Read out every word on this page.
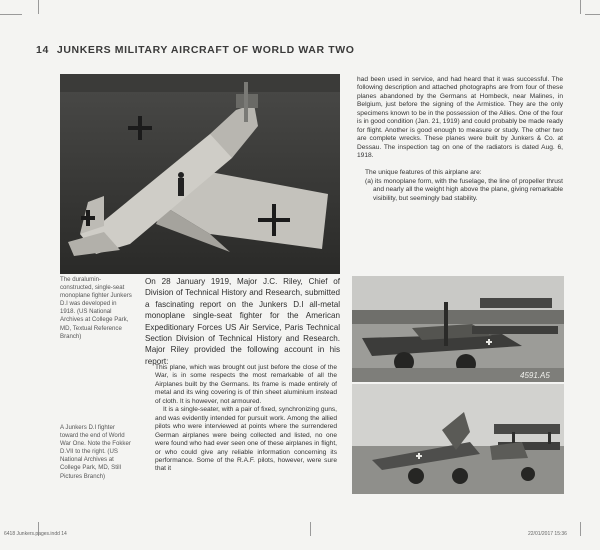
14 JUNKERS MILITARY AIRCRAFT OF WORLD WAR TWO
had been used in service, and had heard that it was successful. The following description and attached photographs are from four of these planes abandoned by the Germans at Hombeck, near Malines, in Belgium, just before the signing of the Armistice. They are the only specimens known to be in the possession of the Allies. One of the four is in good condition (Jan. 21, 1919) and could probably be made ready for flight. Another is good enough to measure or study. The other two are complete wrecks. These planes were built by Junkers & Co. at Dessau. The inspection tag on one of the radiators is dated Aug. 6, 1918.
The unique features of this airplane are:
(a) its monoplane form, with the fuselage, the line of propeller thrust and nearly all the weight high above the plane, giving remarkable visibility, but seemingly bad stability.
The duralumin-constructed, single-seat monoplane fighter Junkers D.I was developed in 1918. (US National Archives at College Park, MD, Textual Reference Branch)
A Junkers D.I fighter toward the end of World War One. Note the Fokker D.VII to the right. (US National Archives at College Park, MD, Still Pictures Branch)
On 28 January 1919, Major J.C. Riley, Chief of Division of Technical History and Research, submitted a fascinating report on the Junkers D.I all-metal monoplane single-seat fighter for the American Expeditionary Forces US Air Service, Paris Technical Section Division of Technical History and Research. Major Riley provided the following account in his report:
This plane, which was brought out just before the close of the War, is in some respects the most remarkable of all the Airplanes built by the Germans. Its frame is made entirely of metal and its wing covering is of thin sheet aluminium instead of cloth. It is however, not armoured.
It is a single-seater, with a pair of fixed, synchronizing guns, and was evidently intended for pursuit work. Among the allied pilots who were interviewed at points where the surrendered German airplanes were being collected and listed, no one were found who had ever seen one of these airplanes in flight, or who could give any reliable information concerning its performance. Some of the R.A.F. pilots, however, were sure that it
4591.A5
6418 Junkers.pages.indd 14	22/01/2017 15:36
